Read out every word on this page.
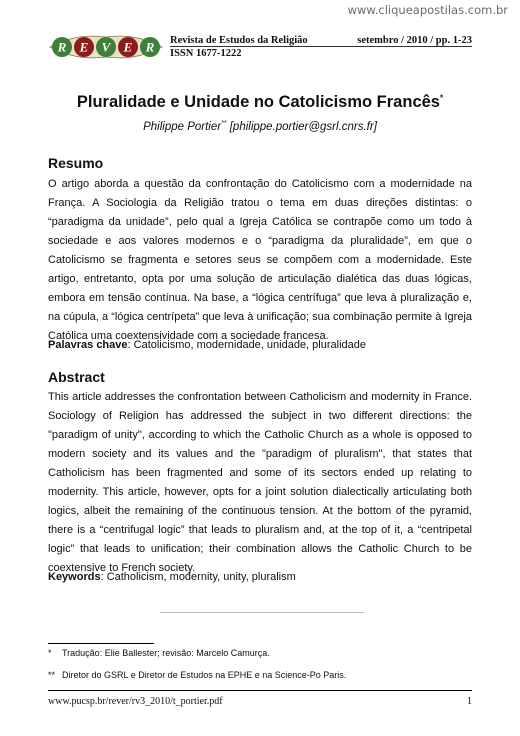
www.cliqueapostilas.com.br
R E V E R Revista de Estudos da Religião	setembro / 2010 / pp. 1-23
ISSN 1677-1222
Pluralidade e Unidade no Catolicismo Francês*
Philippe Portier** [philippe.portier@gsrl.cnrs.fr]
Resumo

O artigo aborda a questão da confrontação do Catolicismo com a modernidade na França. A Sociologia da Religião tratou o tema em duas direções distintas: o “paradigma da unidade”, pelo qual a Igreja Católica se contrapõe como um todo à sociedade e aos valores modernos e o “paradigma da pluralidade”, em que o Catolicismo se fragmenta e setores seus se compõem com a modernidade. Este artigo, entretanto, opta por uma solução de articulação dialética das duas lógicas, embora em tensão contínua. Na base, a “lógica centrífuga” que leva à pluralização e, na cúpula, a “lógica centrípeta” que leva à unificação; sua combinação permite à Igreja Católica uma coextensividade com a sociedade francesa.

Palavras chave: Catolicismo, modernidade, unidade, pluralidade
Abstract

This article addresses the confrontation between Catholicism and modernity in France. Sociology of Religion has addressed the subject in two different directions: the "paradigm of unity", according to which the Catholic Church as a whole is opposed to modern society and its values and the "paradigm of pluralism", that states that Catholicism has been fragmented and some of its sectors ended up relating to modernity. This article, however, opts for a joint solution dialectically articulating both logics, albeit the remaining of the continuous tension. At the bottom of the pyramid, there is a “centrifugal logic” that leads to pluralism and, at the top of it, a “centripetal logic” that leads to unification; their combination allows the Catholic Church to be coextensive to French society.

Keywords: Catholicism, modernity, unity, pluralism
* Tradução: Elie Ballester; revisão: Marcelo Camurça.
** Diretor do GSRL e Diretor de Estudos na EPHE e na Science-Po Paris.
www.pucsp.br/rever/rv3_2010/t_portier.pdf	1
